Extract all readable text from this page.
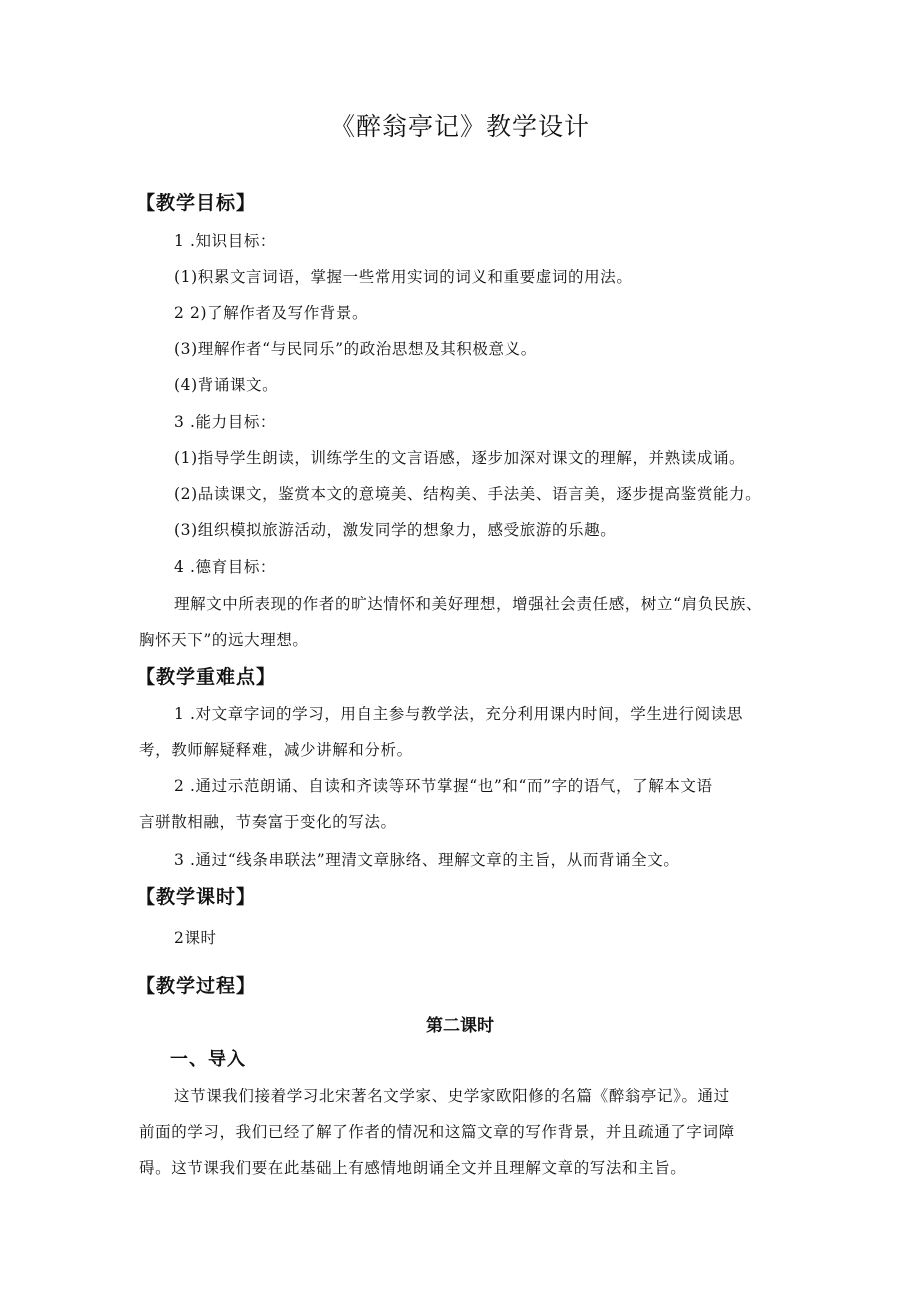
《醉翁亭记》教学设计
【教学目标】
1 .知识目标：
(1)积累文言词语，掌握一些常用实词的词义和重要虚词的用法。
2 2)了解作者及写作背景。
(3)理解作者“与民同乐”的政治思想及其积极意义。
(4)背诵课文。
3 .能力目标：
(1)指导学生朗读，训练学生的文言语感，逐步加深对课文的理解，并熟读成诵。
(2)品读课文，鉴赏本文的意境美、结构美、手法美、语言美，逐步提高鉴赏能力。
(3)组织模拟旅游活动，激发同学的想象力，感受旅游的乐趣。
4 .德育目标：
理解文中所表现的作者的旷达情怀和美好理想，增强社会责任感，树立“肩负民族、
胸怀天下”的远大理想。
【教学重难点】
1 .对文章字词的学习，用自主参与教学法，充分利用课内时间，学生进行阅读思
考，教师解疑释难，减少讲解和分析。
2 .通过示范朗诵、自读和齐读等环节掌握“也”和“而”字的语气，了解本文语
言骈散相融，节奏富于变化的写法。
3 .通过“线条串联法”理清文章脉络、理解文章的主旨，从而背诵全文。
【教学课时】
2课时
【教学过程】
第二课时
一、导入
这节课我们接着学习北宋著名文学家、史学家欧阳修的名篇《醉翁亭记》。通过
前面的学习，我们已经了解了作者的情况和这篇文章的写作背景，并且疏通了字词障
碍。这节课我们要在此基础上有感情地朗诵全文并且理解文章的写法和主旨。
